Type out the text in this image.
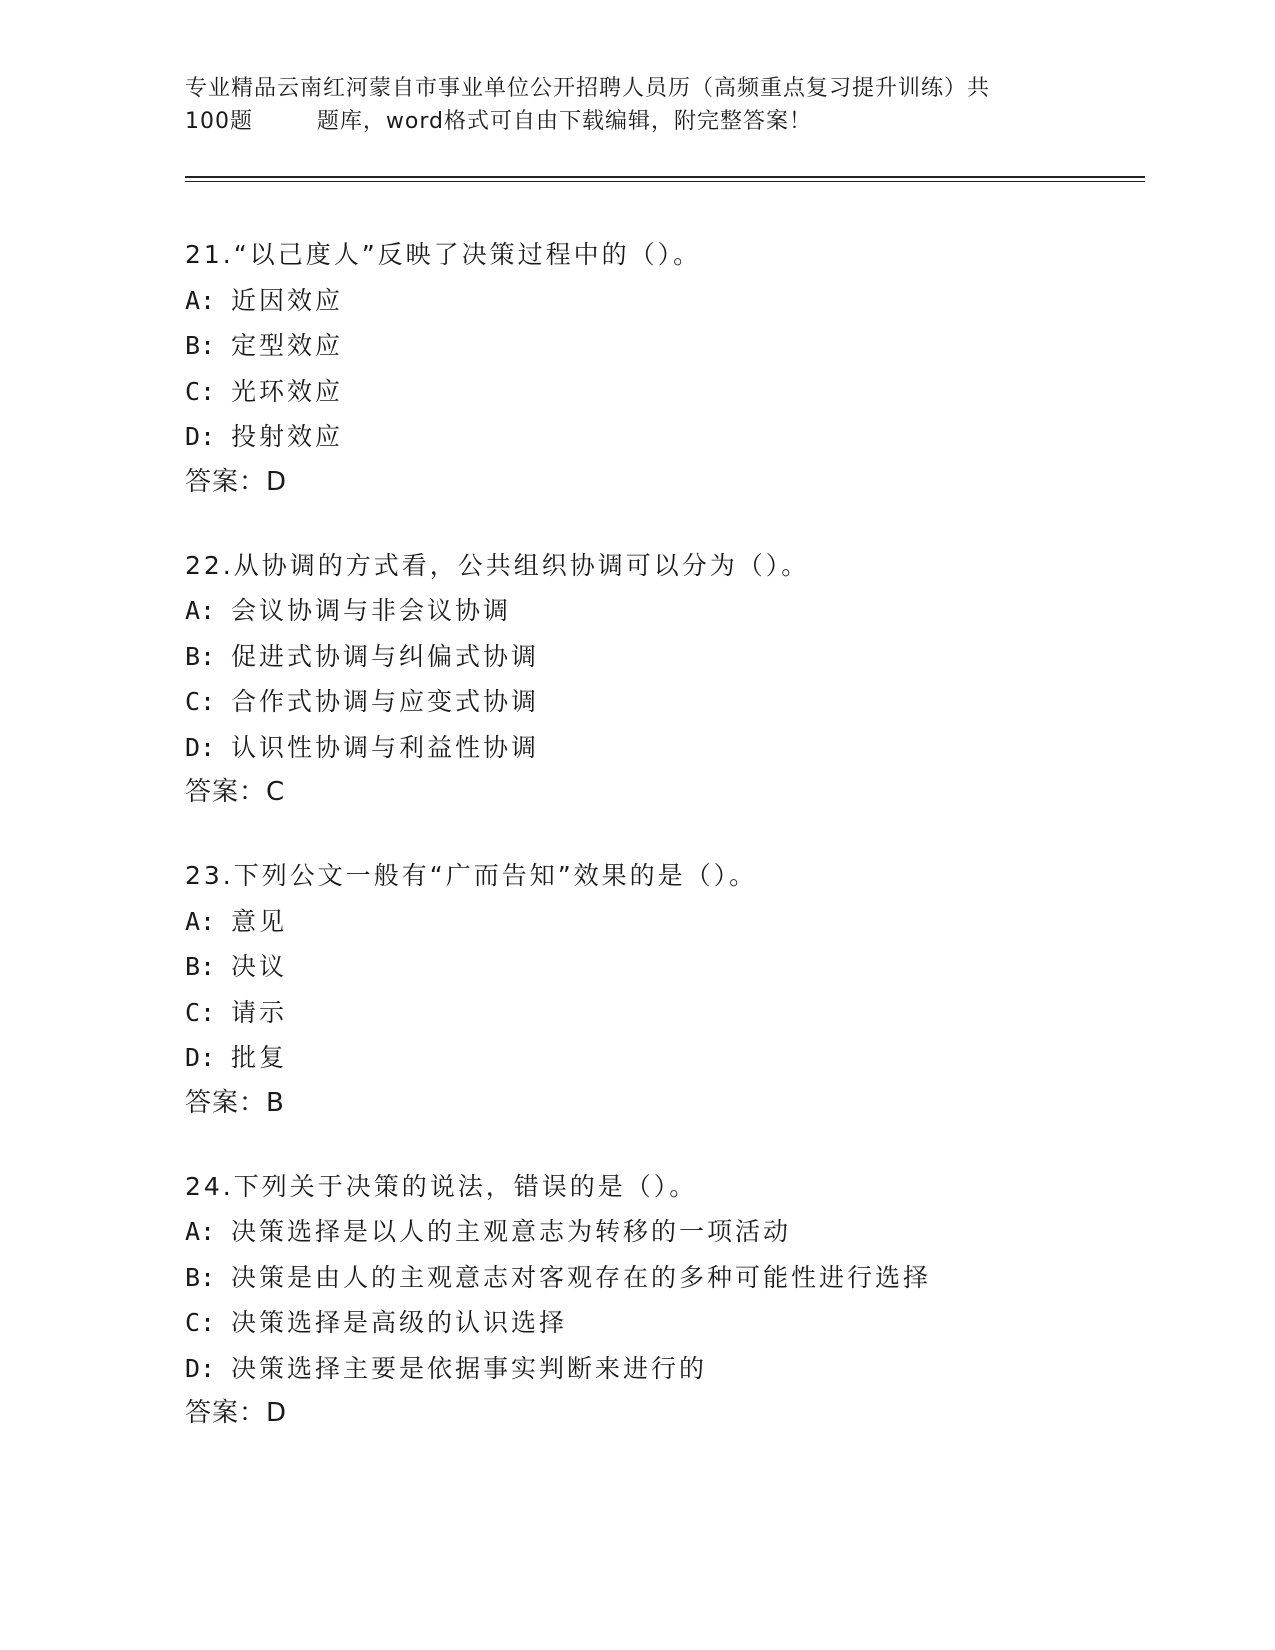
专业精品云南红河蒙自市事业单位公开招聘人员历（高频重点复习提升训练）共
100题        题库，word格式可自由下载编辑，附完整答案！
21.“以己度人”反映了决策过程中的（）。
A: 近因效应
B: 定型效应
C: 光环效应
D: 投射效应
答案：D
22.从协调的方式看，公共组织协调可以分为（）。
A: 会议协调与非会议协调
B: 促进式协调与纠偏式协调
C: 合作式协调与应变式协调
D: 认识性协调与利益性协调
答案：C
23.下列公文一般有“广而告知”效果的是（）。
A: 意见
B: 决议
C: 请示
D: 批复
答案：B
24.下列关于决策的说法，错误的是（）。
A: 决策选择是以人的主观意志为转移的一项活动
B: 决策是由人的主观意志对客观存在的多种可能性进行选择
C: 决策选择是高级的认识选择
D: 决策选择主要是依据事实判断来进行的
答案：D
